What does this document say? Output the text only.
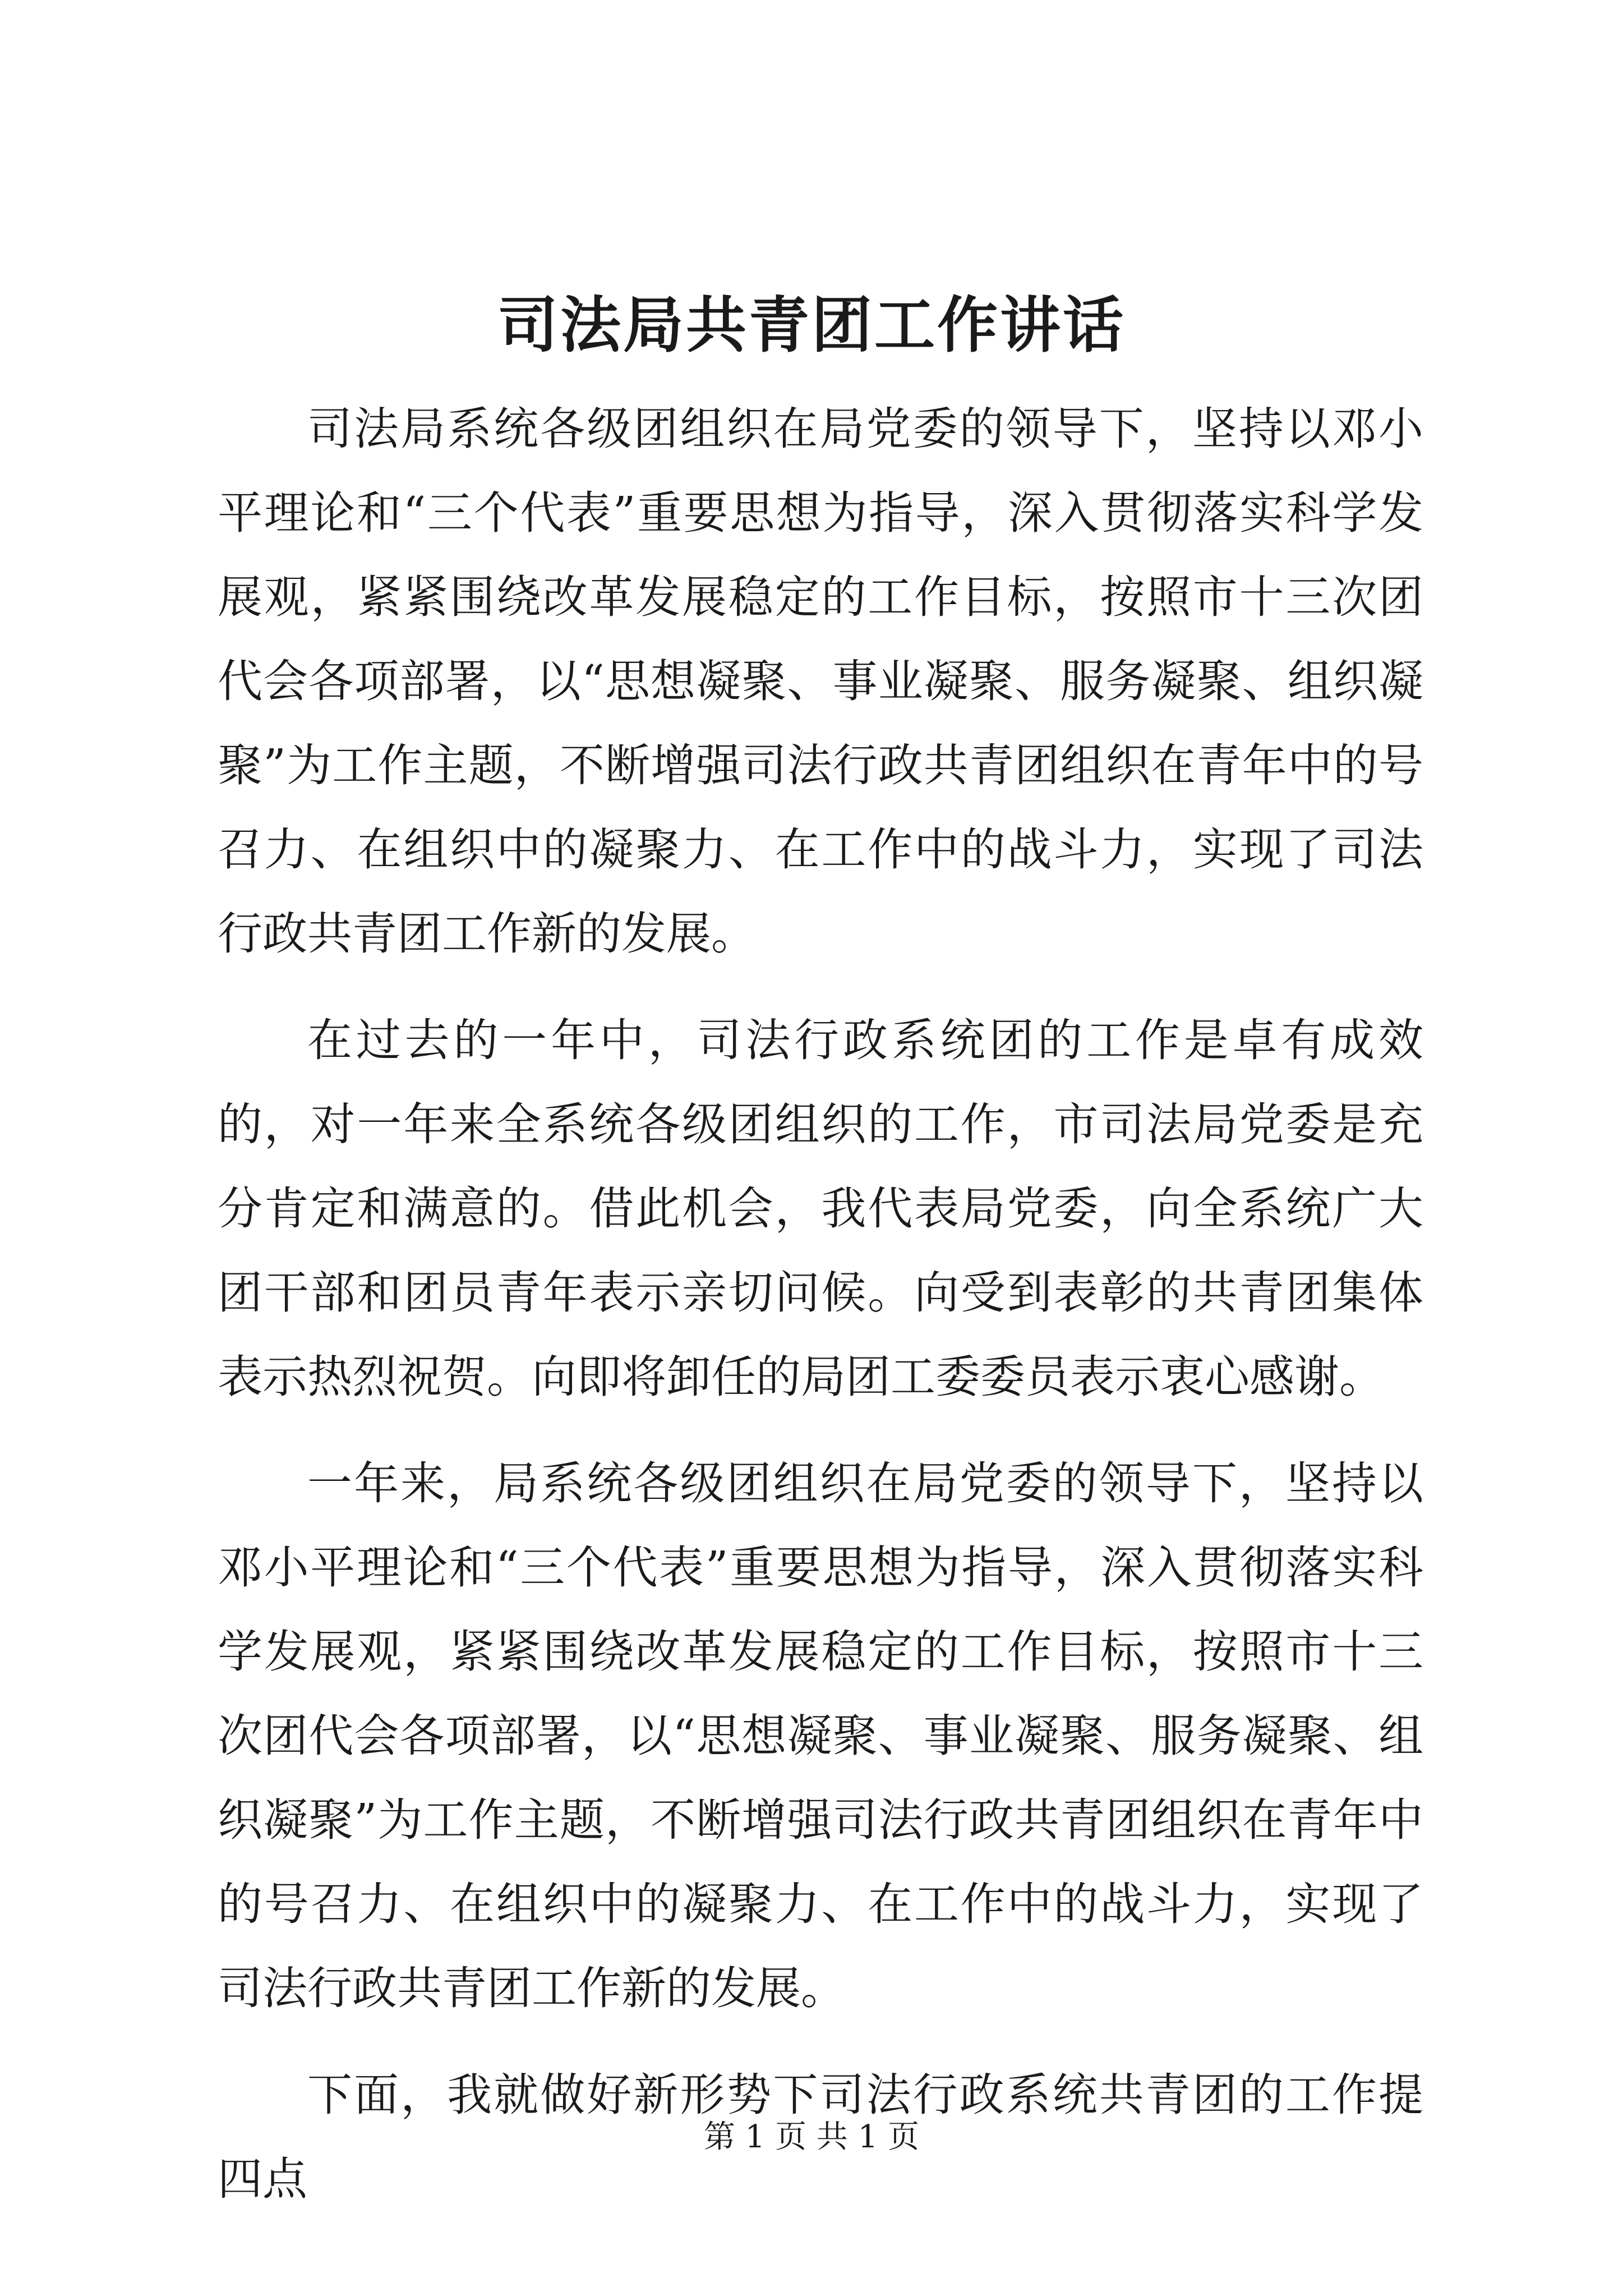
司法局共青团工作讲话

司法局系统各级团组织在局党委的领导下，坚持以邓小平理论和“三个代表”重要思想为指导，深入贯彻落实科学发展观，紧紧围绕改革发展稳定的工作目标，按照市十三次团代会各项部署，以“思想凝聚、事业凝聚、服务凝聚、组织凝聚”为工作主题，不断增强司法行政共青团组织在青年中的号召力、在组织中的凝聚力、在工作中的战斗力，实现了司法行政共青团工作新的发展。

在过去的一年中，司法行政系统团的工作是卓有成效的，对一年来全系统各级团组织的工作，市司法局党委是充分肯定和满意的。借此机会，我代表局党委，向全系统广大团干部和团员青年表示亲切问候。向受到表彰的共青团集体表示热烈祝贺。向即将卸任的局团工委委员表示衷心感谢。

一年来，局系统各级团组织在局党委的领导下，坚持以邓小平理论和“三个代表”重要思想为指导，深入贯彻落实科学发展观，紧紧围绕改革发展稳定的工作目标，按照市十三次团代会各项部署，以“思想凝聚、事业凝聚、服务凝聚、组织凝聚”为工作主题，不断增强司法行政共青团组织在青年中的号召力、在组织中的凝聚力、在工作中的战斗力，实现了司法行政共青团工作新的发展。

下面，我就做好新形势下司法行政系统共青团的工作提四点

第 1 页 共 1 页
